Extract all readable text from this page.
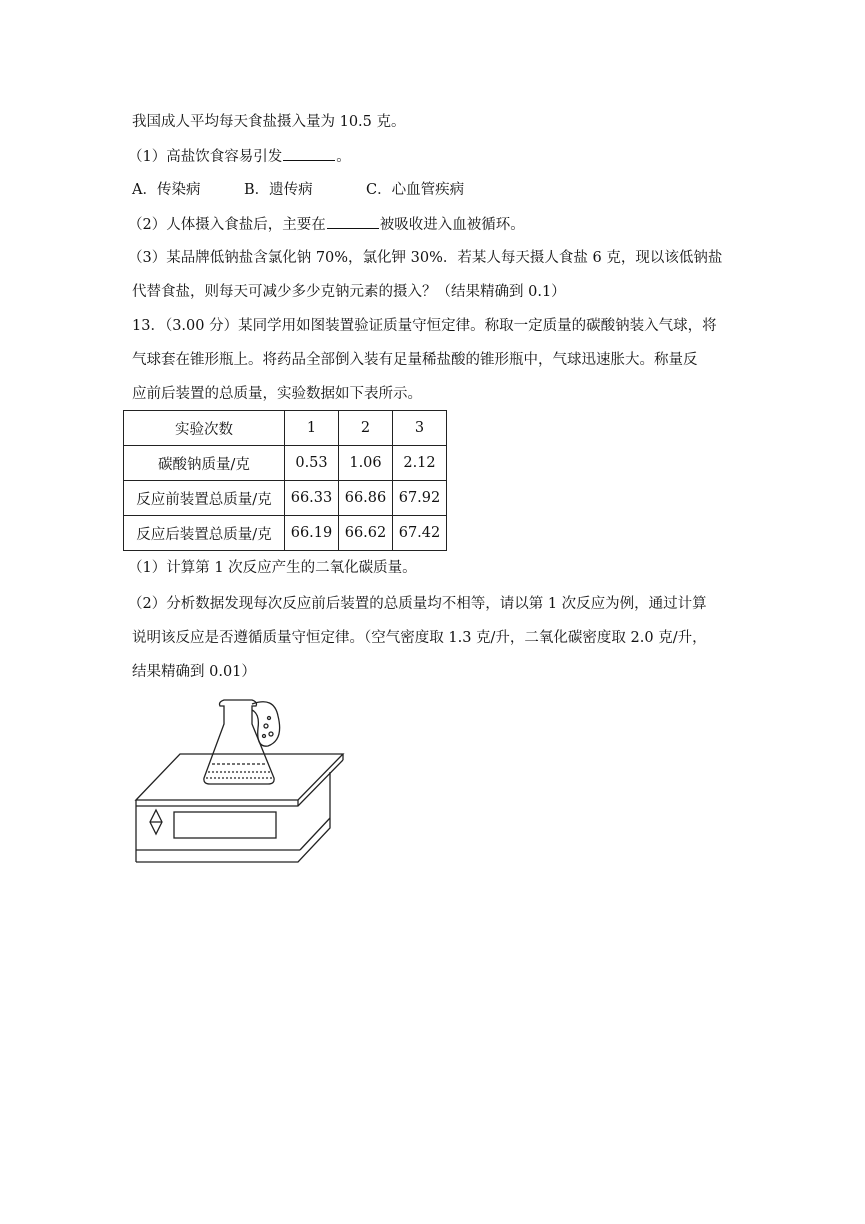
我国成人平均每天食盐摄入量为 10.5 克。
（1）高盐饮食容易引发	。
A．传染病	B．遗传病	C．心血管疾病
（2）人体摄入食盐后，主要在	被吸收进入血被循环。
（3）某品牌低钠盐含氯化钠 70%，氯化钾 30%．若某人每天摄人食盐 6 克，现以该低钠盐
代替食盐，则每天可减少多少克钠元素的摄入？（结果精确到 0.1）
13．（3.00 分）某同学用如图装置验证质量守恒定律。称取一定质量的碳酸钠装入气球，将
气球套在锥形瓶上。将药品全部倒入装有足量稀盐酸的锥形瓶中，气球迅速胀大。称量反
应前后装置的总质量，实验数据如下表所示。
实验次数	1	2	3
碳酸钠质量/克	0.53	1.06	2.12
反应前装置总质量/克	66.33	66.86	67.92
反应后装置总质量/克	66.19	66.62	67.42
（1）计算第 1 次反应产生的二氧化碳质量。
（2）分析数据发现每次反应前后装置的总质量均不相等，请以第 1 次反应为例，通过计算
说明该反应是否遵循质量守恒定律。（空气密度取 1.3 克/升，二氧化碳密度取 2.0 克/升，
结果精确到 0.01）
